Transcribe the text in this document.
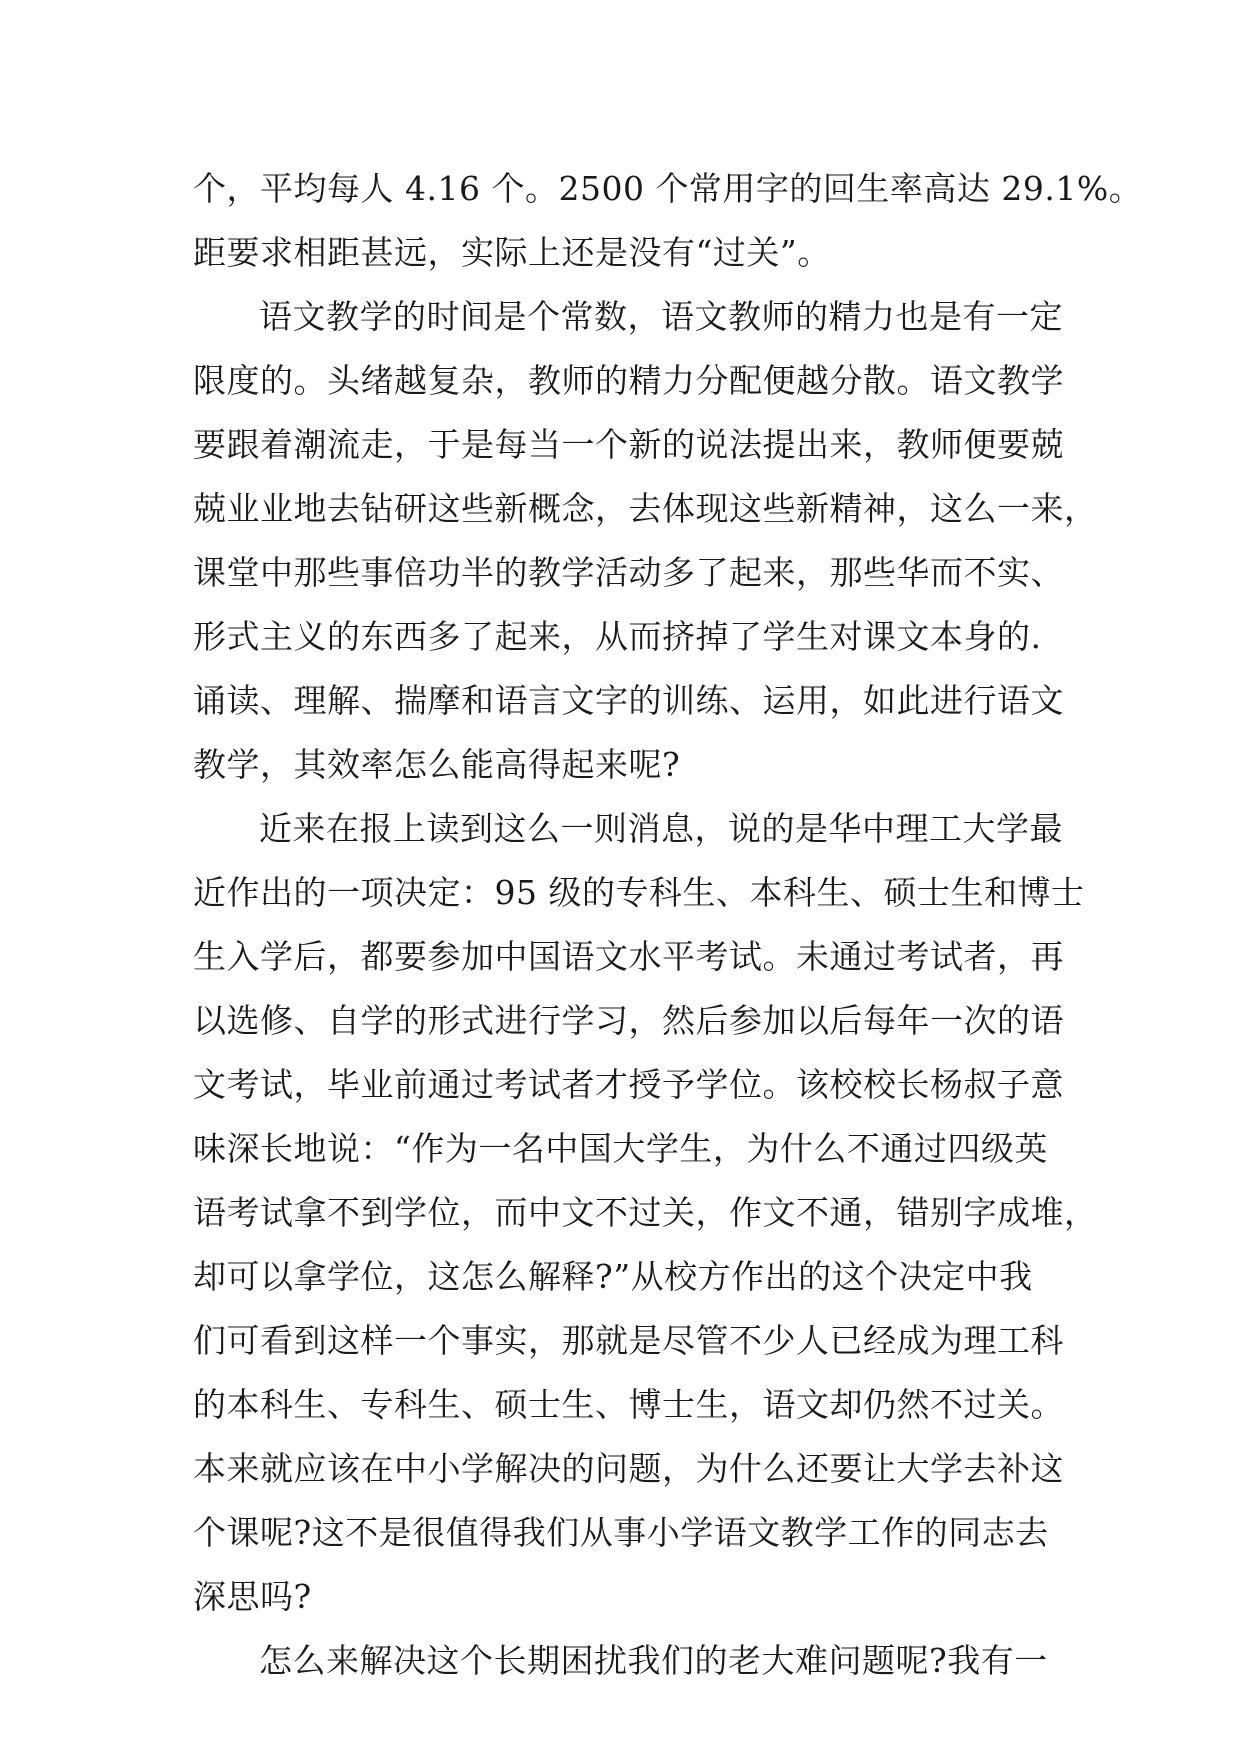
个，平均每人 4.16 个。2500 个常用字的回生率高达 29.1%。
距要求相距甚远，实际上还是没有“过关”。
语文教学的时间是个常数，语文教师的精力也是有一定
限度的。头绪越复杂，教师的精力分配便越分散。语文教学
要跟着潮流走，于是每当一个新的说法提出来，教师便要兢
兢业业地去钻研这些新概念，去体现这些新精神，这么一来，
课堂中那些事倍功半的教学活动多了起来，那些华而不实、
形式主义的东西多了起来，从而挤掉了学生对课文本身的.
诵读、理解、揣摩和语言文字的训练、运用，如此进行语文
教学，其效率怎么能高得起来呢?
近来在报上读到这么一则消息，说的是华中理工大学最
近作出的一项决定：95 级的专科生、本科生、硕士生和博士
生入学后，都要参加中国语文水平考试。未通过考试者，再
以选修、自学的形式进行学习，然后参加以后每年一次的语
文考试，毕业前通过考试者才授予学位。该校校长杨叔子意
味深长地说：“作为一名中国大学生，为什么不通过四级英
语考试拿不到学位，而中文不过关，作文不通，错别字成堆，
却可以拿学位，这怎么解释?”从校方作出的这个决定中我
们可看到这样一个事实，那就是尽管不少人已经成为理工科
的本科生、专科生、硕士生、博士生，语文却仍然不过关。
本来就应该在中小学解决的问题，为什么还要让大学去补这
个课呢?这不是很值得我们从事小学语文教学工作的同志去
深思吗?
怎么来解决这个长期困扰我们的老大难问题呢?我有一
